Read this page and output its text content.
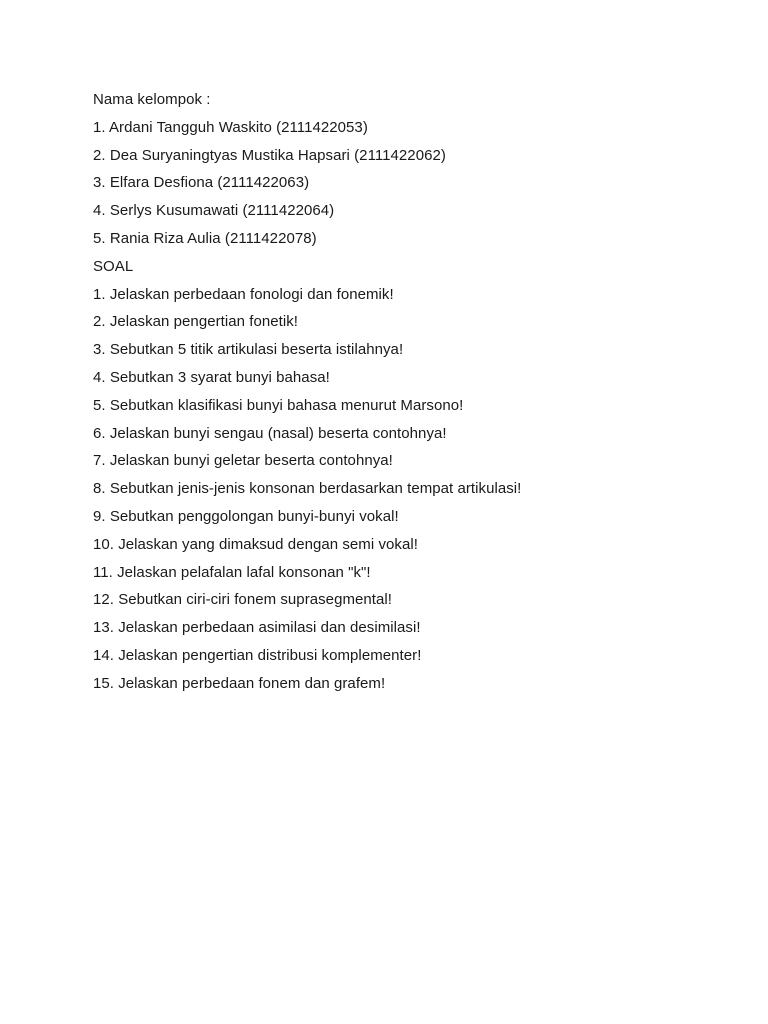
Nama kelompok :
1. Ardani Tangguh Waskito (2111422053)
2. Dea Suryaningtyas Mustika Hapsari (2111422062)
3. Elfara Desfiona (2111422063)
4. Serlys Kusumawati (2111422064)
5. Rania Riza Aulia (2111422078)
SOAL
1. Jelaskan perbedaan fonologi dan fonemik!
2. Jelaskan pengertian fonetik!
3. Sebutkan 5 titik artikulasi beserta istilahnya!
4. Sebutkan 3 syarat bunyi bahasa!
5. Sebutkan klasifikasi bunyi bahasa menurut Marsono!
6. Jelaskan bunyi sengau (nasal) beserta contohnya!
7. Jelaskan bunyi geletar beserta contohnya!
8. Sebutkan jenis-jenis konsonan berdasarkan tempat artikulasi!
9. Sebutkan penggolongan bunyi-bunyi vokal!
10. Jelaskan yang dimaksud dengan semi vokal!
11. Jelaskan pelafalan lafal konsonan "k"!
12. Sebutkan ciri-ciri fonem suprasegmental!
13. Jelaskan perbedaan asimilasi dan desimilasi!
14. Jelaskan pengertian distribusi komplementer!
15. Jelaskan perbedaan fonem dan grafem!
